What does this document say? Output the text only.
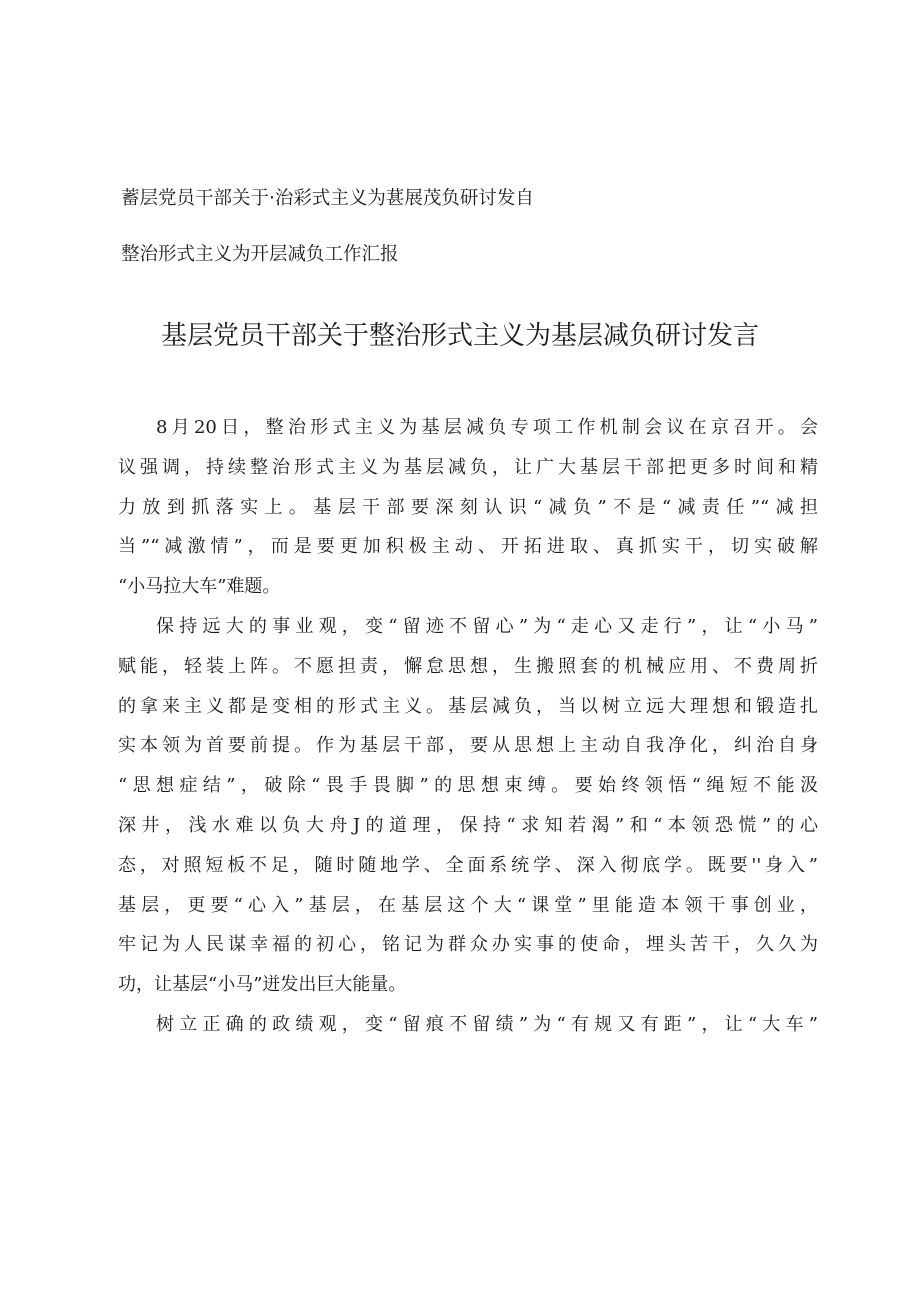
蓄层党员干部关于·治彩式主义为葚展茂负研讨发自
整治形式主义为开层减负工作汇报
基层党员干部关于整治形式主义为基层减负研讨发言
8月20日，整治形式主义为基层减负专项工作机制会议在京召开。会
议强调，持续整治形式主义为基层减负，让广大基层干部把更多时间和精
力放到抓落实上。基层干部要深刻认识“减负”不是“减责任”“减担
当”“减激情”，而是要更加积极主动、开拓进取、真抓实干，切实破解
“小马拉大车”难题。
保持远大的事业观，变“留迹不留心”为“走心又走行”，让“小马”
赋能，轻装上阵。不愿担责，懈怠思想，生搬照套的机械应用、不费周折
的拿来主义都是变相的形式主义。基层减负，当以树立远大理想和锻造扎
实本领为首要前提。作为基层干部，要从思想上主动自我净化，纠治自身
“思想症结”，破除“畏手畏脚”的思想束缚。要始终领悟“绳短不能汲
深井，浅水难以负大舟J的道理，保持“求知若渴”和“本领恐慌”的心
态，对照短板不足，随时随地学、全面系统学、深入彻底学。既要''身入”
基层，更要“心入”基层，在基层这个大“课堂”里能造本领干事创业，
牢记为人民谋幸福的初心，铭记为群众办实事的使命，埋头苦干，久久为
功，让基层“小马”迸发出巨大能量。
树立正确的政绩观，变“留痕不留绩”为“有规又有距”，让“大车”
